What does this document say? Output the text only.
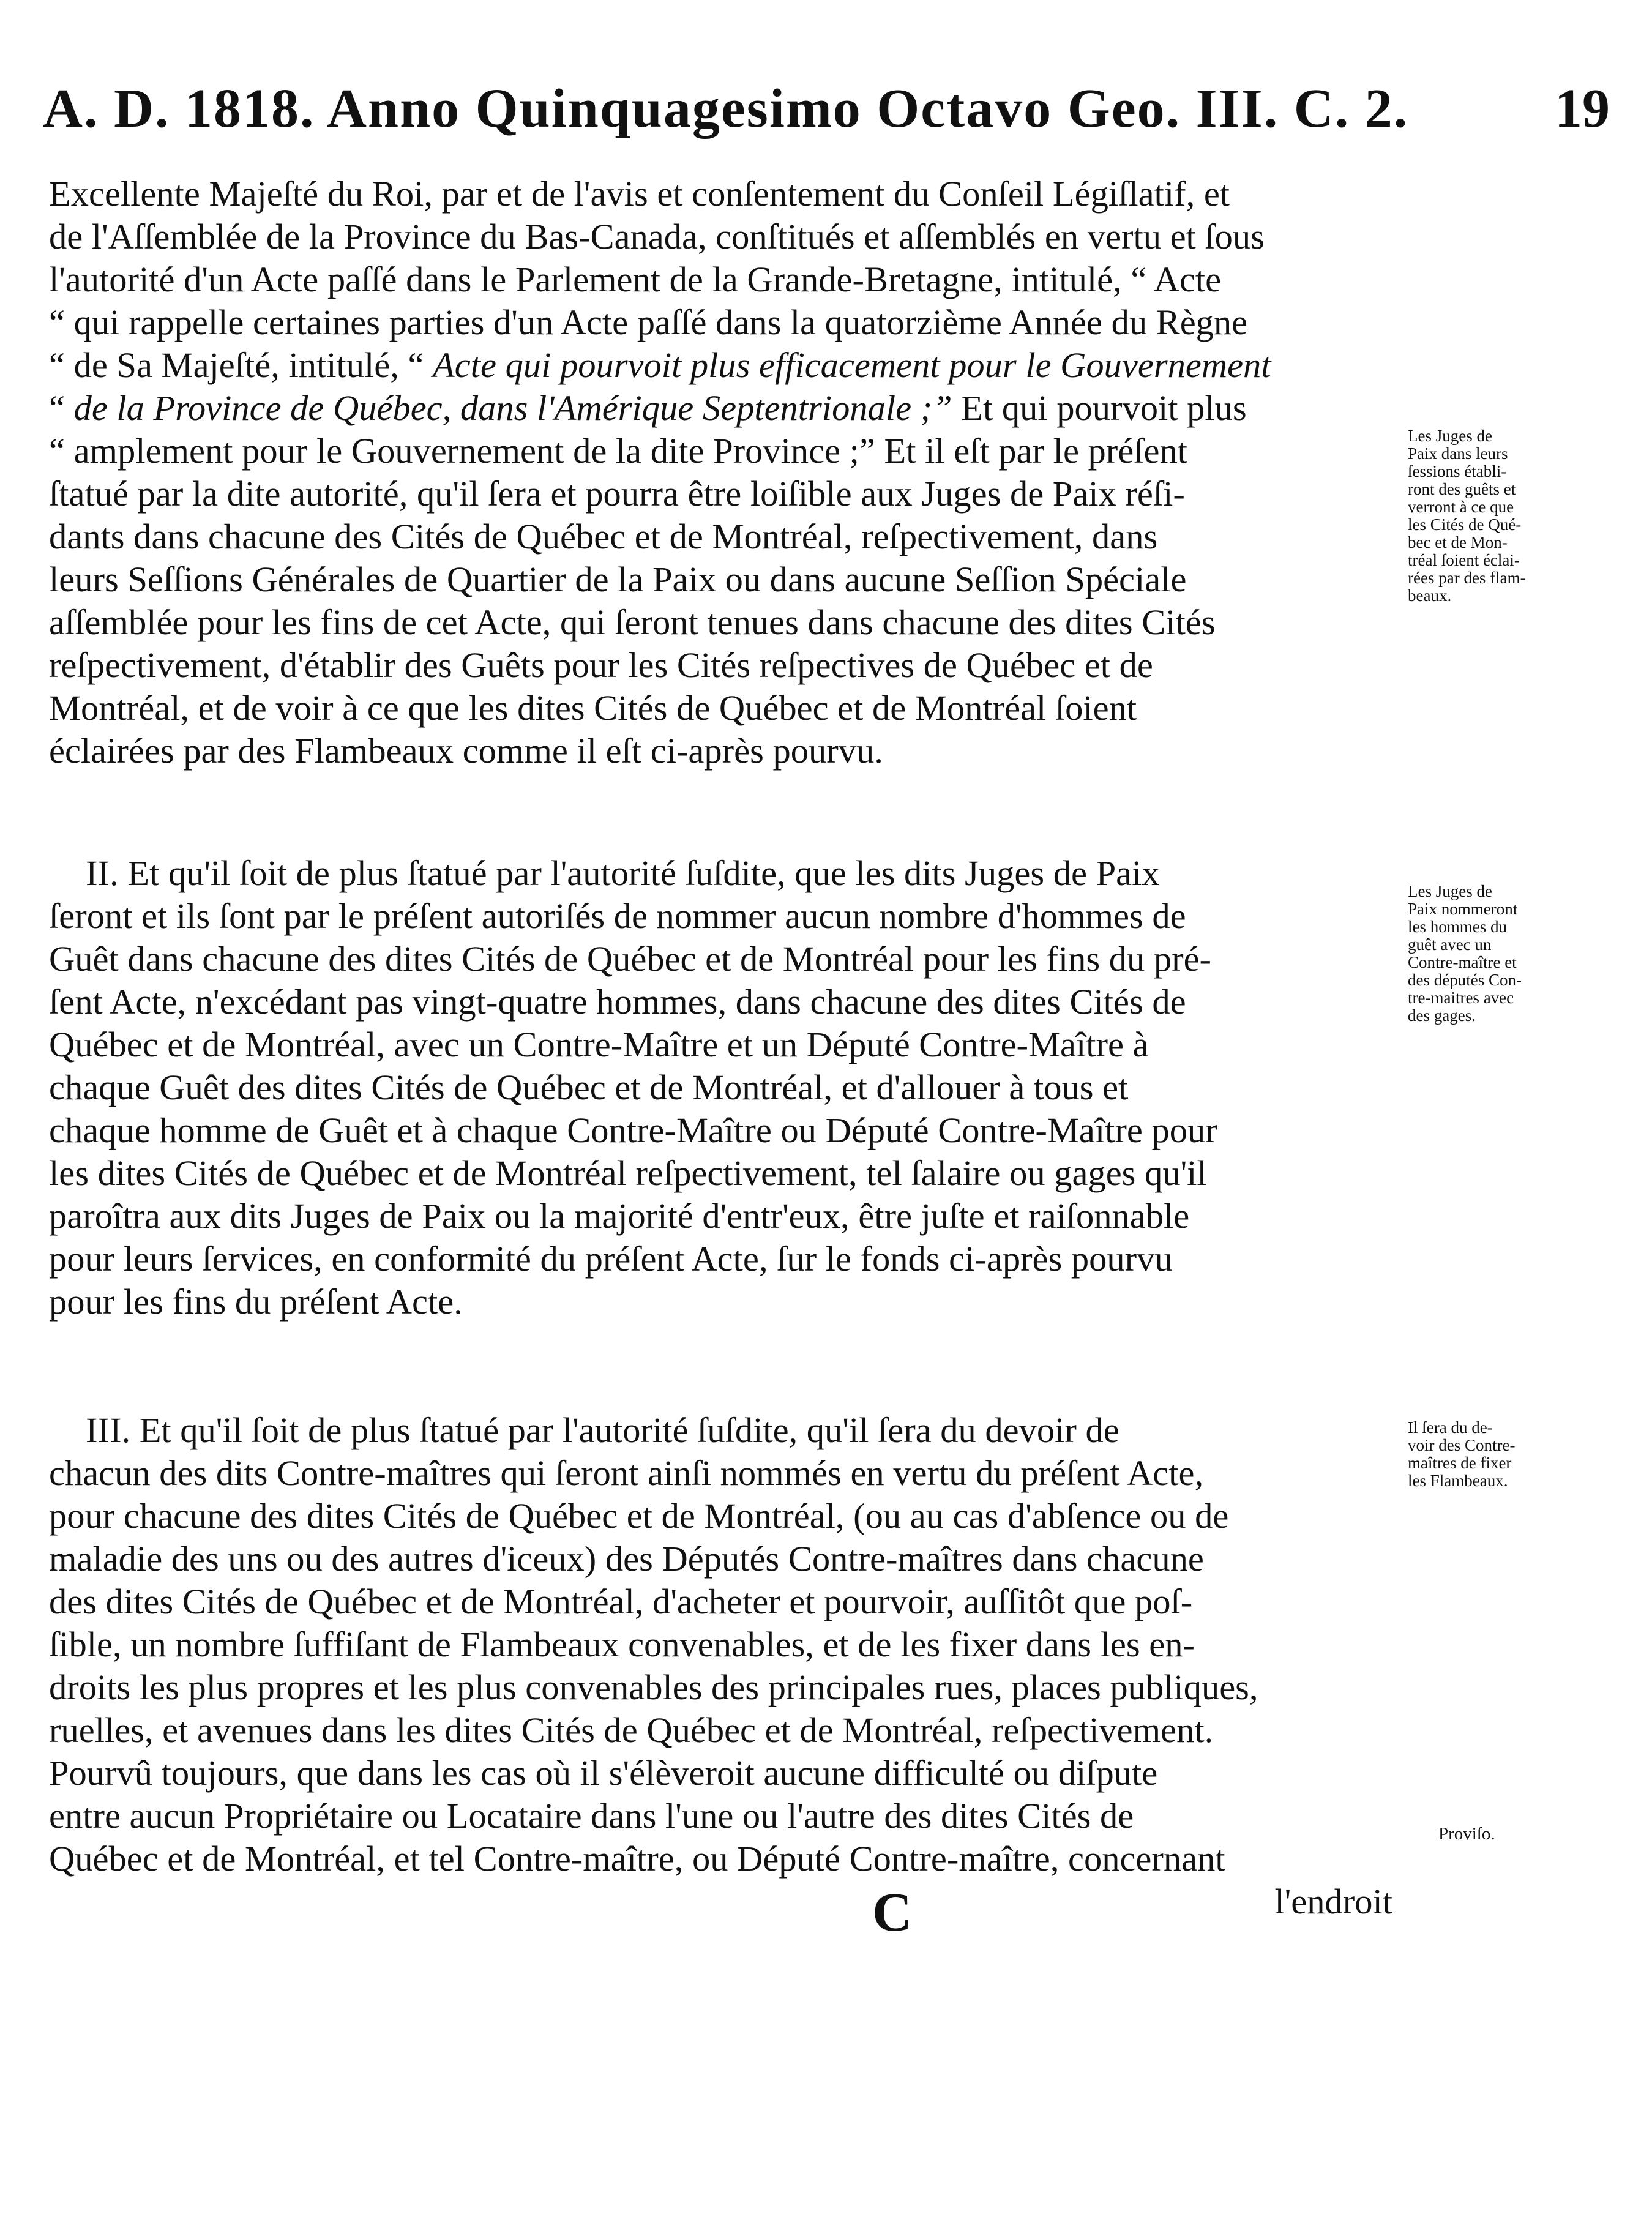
A. D. 1818. Anno Quinquagesimo Octavo Geo. III. C. 2.	19
Excellente Majeſté du Roi, par et de l'avis et conſentement du Conſeil Légiſlatif, et
de l'Aſſemblée de la Province du Bas-Canada, conſtitués et aſſemblés en vertu et ſous
l'autorité d'un Acte paſſé dans le Parlement de la Grande-Bretagne, intitulé, “ Acte
“ qui rappelle certaines parties d'un Acte paſſé dans la quatorzième Année du Règne
“ de Sa Majeſté, intitulé, “ Acte qui pourvoit plus efficacement pour le Gouvernement
“ de la Province de Québec, dans l'Amérique Septentrionale ;” Et qui pourvoit plus
“ amplement pour le Gouvernement de la dite Province ;” Et il eſt par le préſent
ſtatué par la dite autorité, qu'il ſera et pourra être loiſible aux Juges de Paix réſi-
dants dans chacune des Cités de Québec et de Montréal, reſpectivement, dans
leurs Seſſions Générales de Quartier de la Paix ou dans aucune Seſſion Spéciale
aſſemblée pour les fins de cet Acte, qui ſeront tenues dans chacune des dites Cités
reſpectivement, d'établir des Guêts pour les Cités reſpectives de Québec et de
Montréal, et de voir à ce que les dites Cités de Québec et de Montréal ſoient
éclairées par des Flambeaux comme il eſt ci-après pourvu.
II. Et qu'il ſoit de plus ſtatué par l'autorité ſuſdite, que les dits Juges de Paix
ſeront et ils ſont par le préſent autoriſés de nommer aucun nombre d'hommes de
Guêt dans chacune des dites Cités de Québec et de Montréal pour les fins du pré-
ſent Acte, n'excédant pas vingt-quatre hommes, dans chacune des dites Cités de
Québec et de Montréal, avec un Contre-Maître et un Député Contre-Maître à
chaque Guêt des dites Cités de Québec et de Montréal, et d'allouer à tous et
chaque homme de Guêt et à chaque Contre-Maître ou Député Contre-Maître pour
les dites Cités de Québec et de Montréal reſpectivement, tel ſalaire ou gages qu'il
paroîtra aux dits Juges de Paix ou la majorité d'entr'eux, être juſte et raiſonnable
pour leurs ſervices, en conformité du préſent Acte, ſur le fonds ci-après pourvu
pour les fins du préſent Acte.
III. Et qu'il ſoit de plus ſtatué par l'autorité ſuſdite, qu'il ſera du devoir de
chacun des dits Contre-maîtres qui ſeront ainſi nommés en vertu du préſent Acte,
pour chacune des dites Cités de Québec et de Montréal, (ou au cas d'abſence ou de
maladie des uns ou des autres d'iceux) des Députés Contre-maîtres dans chacune
des dites Cités de Québec et de Montréal, d'acheter et pourvoir, auſſitôt que poſ-
ſible, un nombre ſuffiſant de Flambeaux convenables, et de les fixer dans les en-
droits les plus propres et les plus convenables des principales rues, places publiques,
ruelles, et avenues dans les dites Cités de Québec et de Montréal, reſpectivement.
Pourvû toujours, que dans les cas où il s'élèveroit aucune difficulté ou diſpute
entre aucun Propriétaire ou Locataire dans l'une ou l'autre des dites Cités de
Québec et de Montréal, et tel Contre-maître, ou Député Contre-maître, concernant
l'endroit
Les Juges de
Paix dans leurs
ſessions établi-
ront des guêts et
verront à ce que
les Cités de Qué-
bec et de Mon-
tréal ſoient éclai-
rées par des flam-
beaux.
Les Juges de
Paix nommeront
les hommes du
guêt avec un
Contre-maître et
des députés Con-
tre-maitres avec
des gages.
Il ſera du de-
voir des Contre-
maîtres de fixer
les Flambeaux.
Proviſo.
C
